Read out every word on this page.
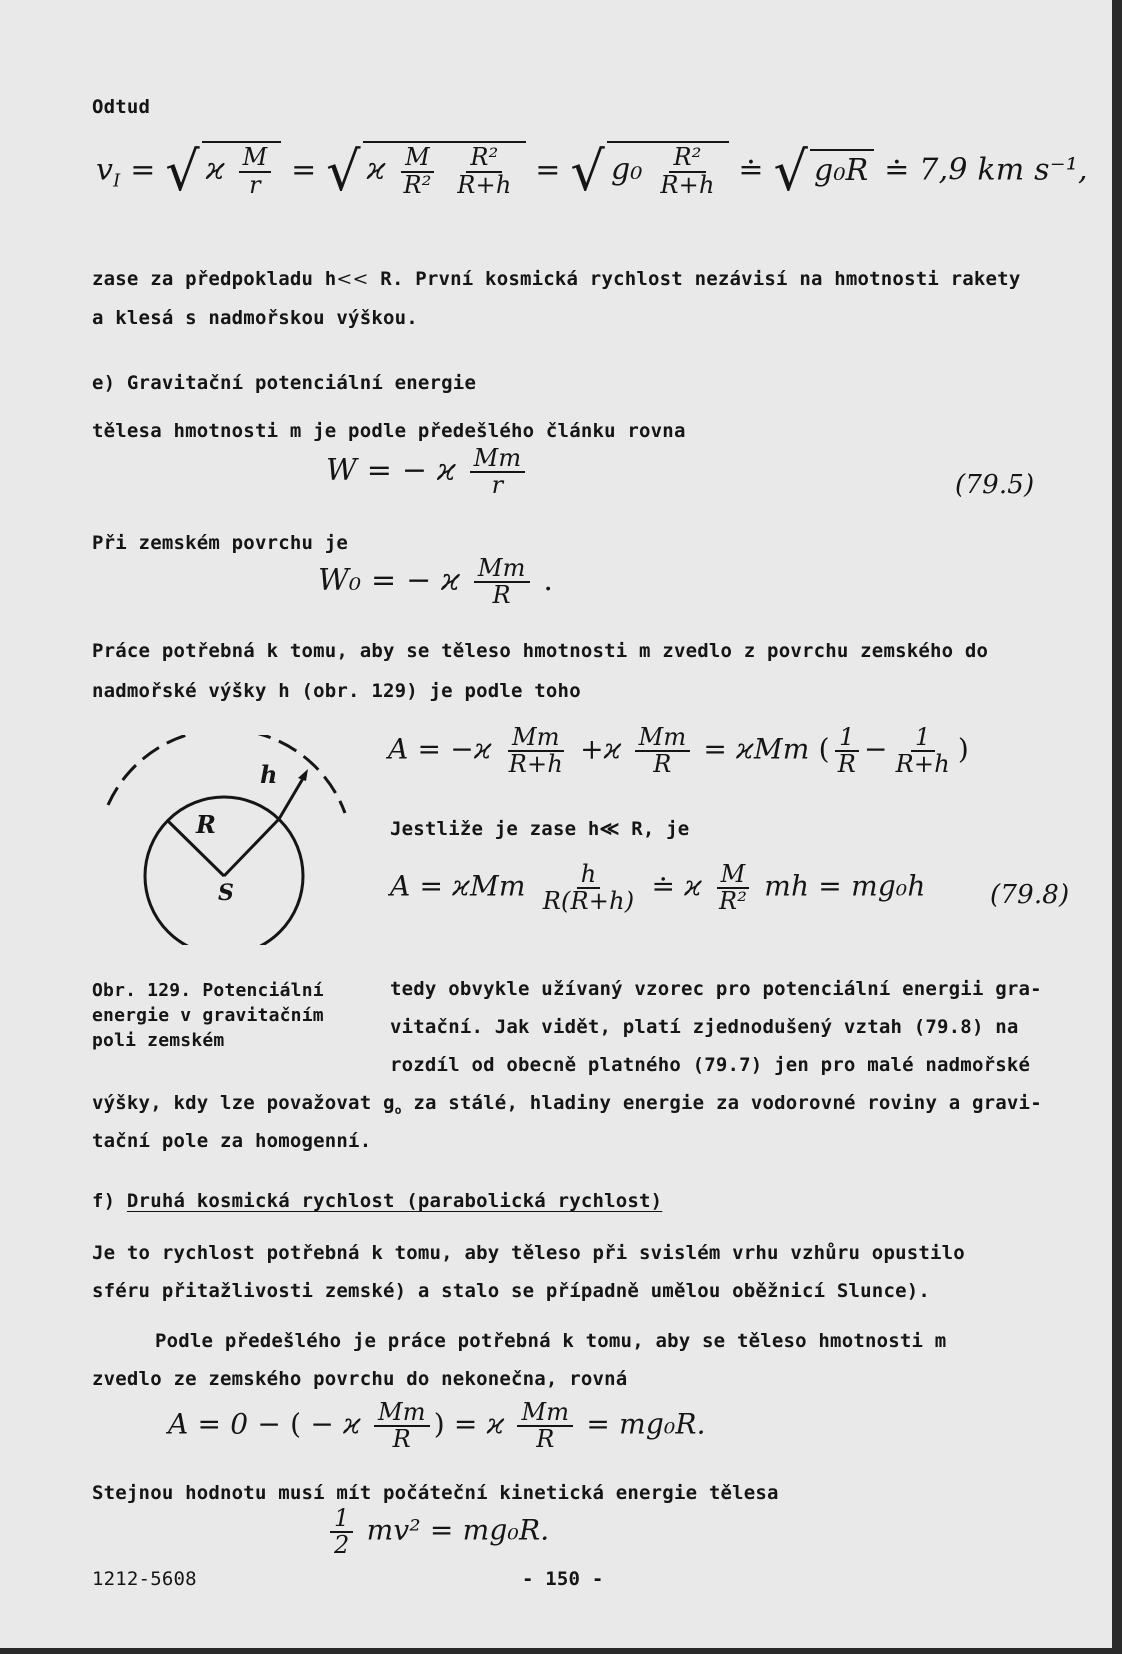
Odtud
$v_I$ = √ ϰ $\frac{M}{r}$ = √ ϰ $\frac{M}{\text{R²}}$
$\frac{\text{R²}}{R+h}$ = √ $g_0 \frac{\text{R²}}{R+h}$ ≐ √ g₀R ≐ 7,9 km s⁻¹,
zase za předpokladu h<< R. První kosmická rychlost nezávisí na hmotnosti rakety
a klesá s nadmořskou výškou.
e) Gravitační potenciální energie
tělesa hmotnosti m je podle předešlého článku rovna
W = − ϰ $\frac{Mm}{r}$	(79.5)
Při zemském povrchu je
W₀ = − ϰ $\frac{Mm}{R}$ .
Práce potřebná k tomu, aby se těleso hmotnosti m zvedlo z povrchu zemského do
nadmořské výšky h (obr. 129) je podle toho
R
h
S
$A = -ϰ \frac{Mm}{R+h} +ϰ \frac{Mm}{R} = ϰMm$ ( $\frac{1}{R} - \frac{1}{R+h}$ )
Jestliže je zase h≪ R, je
A = ϰMm $\frac{h}{R(R+h)}$ ≐ ϰ $\frac{M}{\text{R²}}$ mh = mg₀h (79.8)
Obr. 129. Potenciální
energie v gravitačním
poli zemském
tedy obvykle užívaný vzorec pro potenciální energii gra-
vitační. Jak vidět, platí zjednodušený vztah (79.8) na
rozdíl od obecně platného (79.7) jen pro malé nadmořské
výšky, kdy lze považovat $g_o$ za stálé, hladiny energie za vodorovné roviny a gravi-
tační pole za homogenní.
f) Druhá kosmická rychlost (parabolická rychlost)
Je to rychlost potřebná k tomu, aby těleso při svislém vrhu vzhůru opustilo
sféru přitažlivosti zemské) a stalo se případně umělou oběžnicí Slunce).
Podle předešlého je práce potřebná k tomu, aby se těleso hmotnosti m
zvedlo ze zemského povrchu do nekonečna, rovná
A = 0 − ( − ϰ $\frac{Mm}{R}$ ) = ϰ $\frac{Mm}{R} = mg_0R$.
Stejnou hodnotu musí mít počáteční kinetická energie tělesa
$\frac{1}{2} mv^2 = mg_0R$.
1212-5608	- 150 -
